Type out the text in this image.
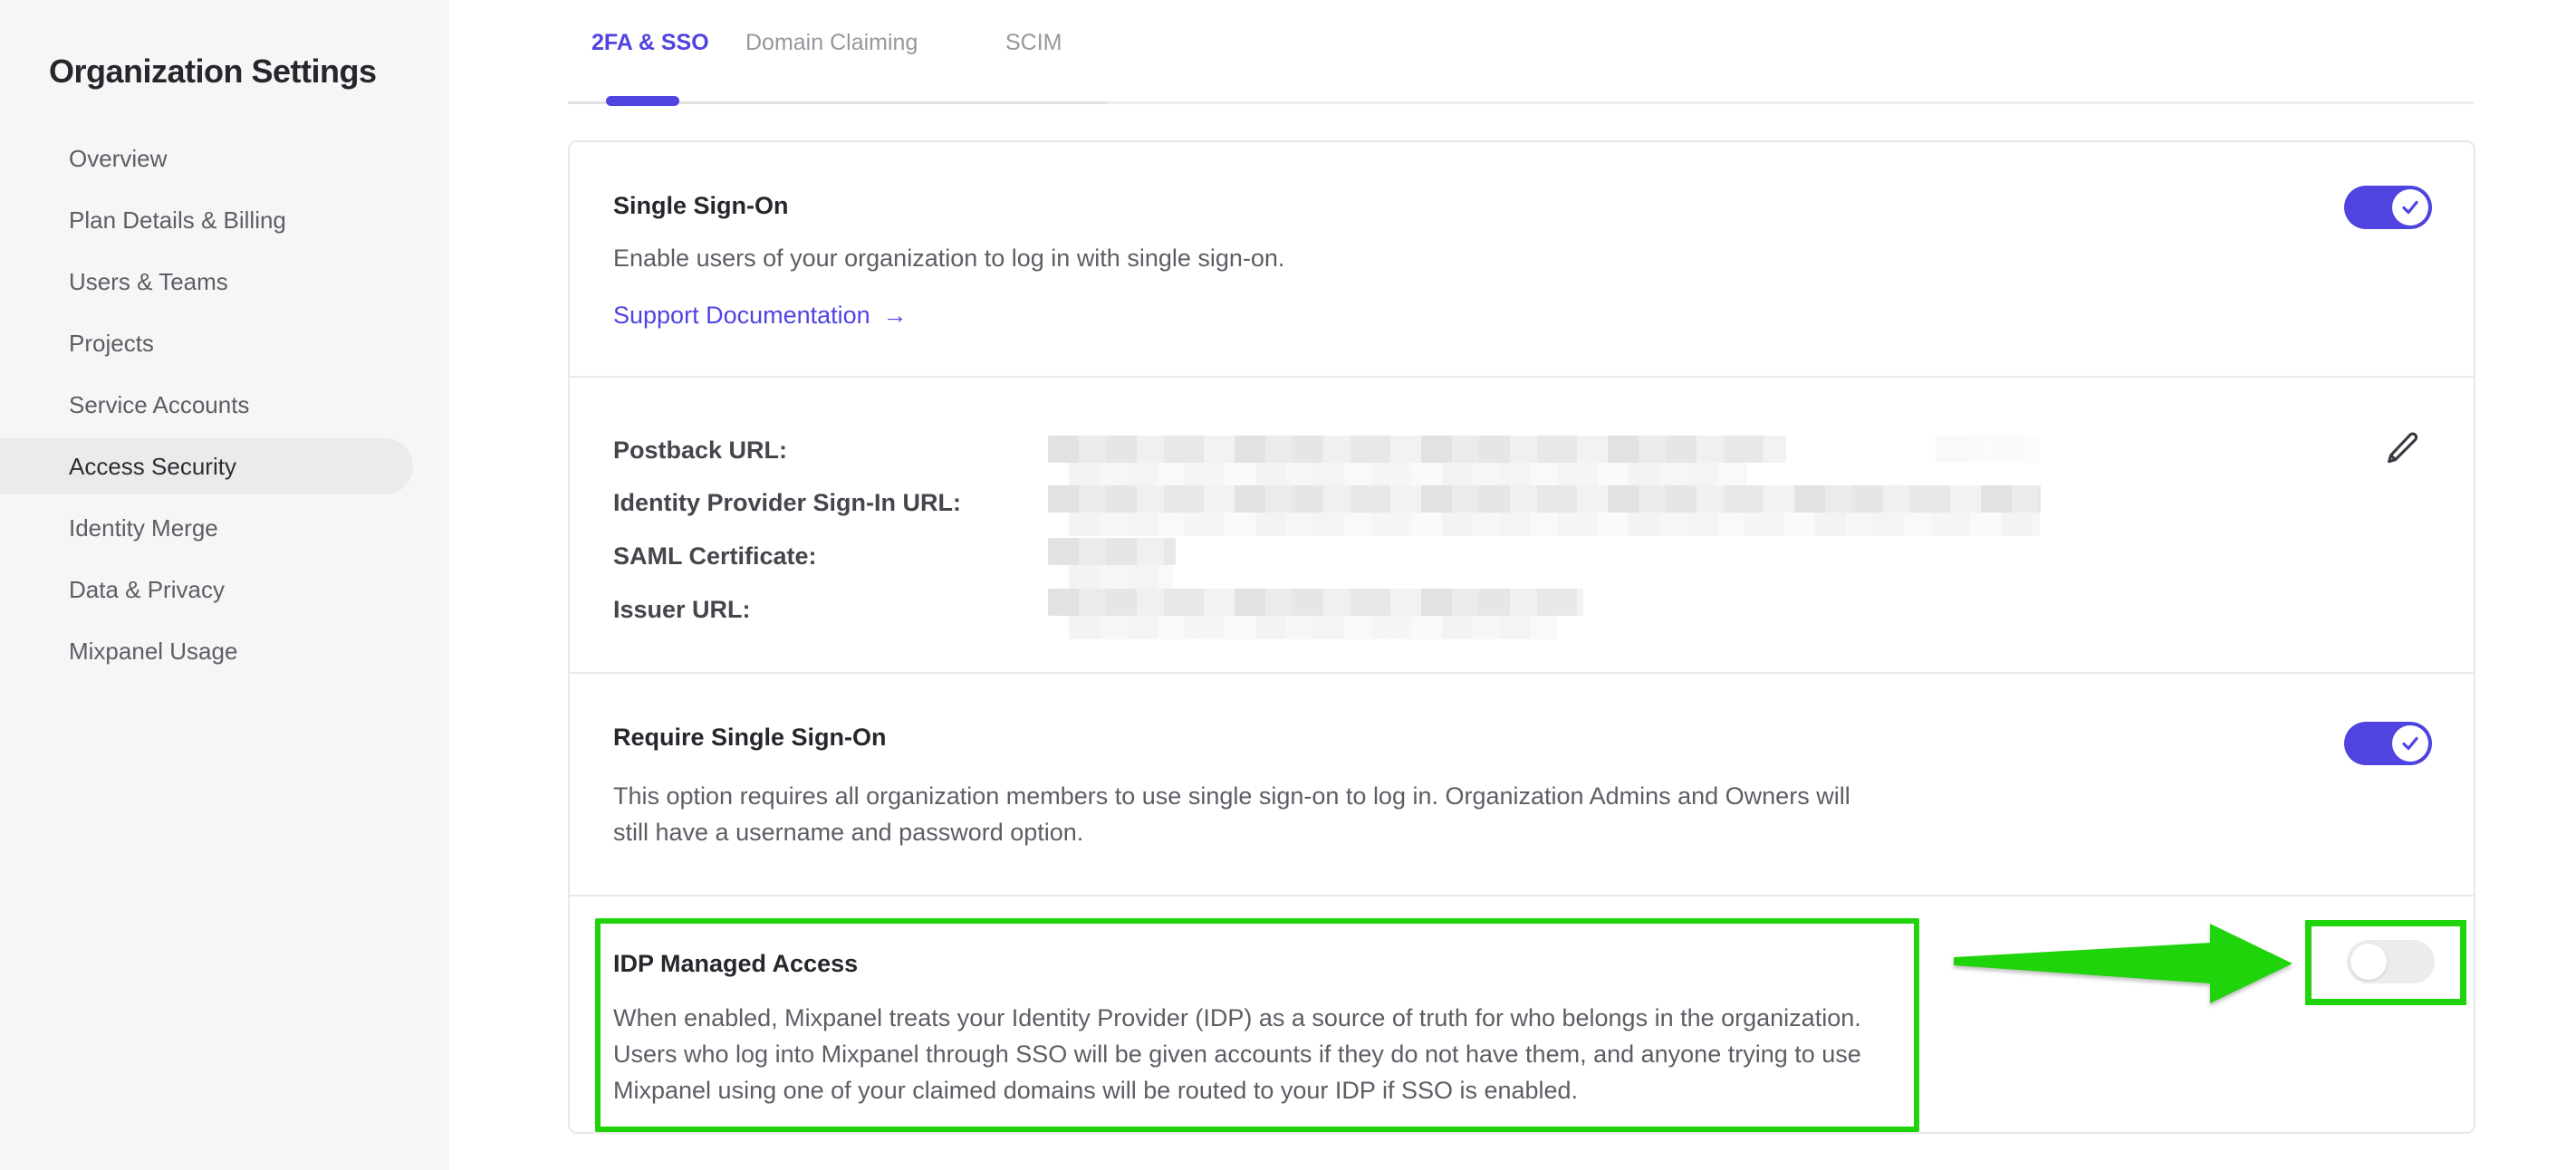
Organization Settings
Overview
Plan Details & Billing
Users & Teams
Projects
Service Accounts
Access Security
Identity Merge
Data & Privacy
Mixpanel Usage
2FA & SSO Domain Claiming	SCIM
Single Sign-On
Enable users of your organization to log in with single sign-on.
Support Documentation →
Postback URL:
Identity Provider Sign-In URL:
SAML Certificate:
Issuer URL:
Require Single Sign-On
This option requires all organization members to use single sign-on to log in. Organization Admins and Owners will
still have a username and password option.
IDP Managed Access
When enabled, Mixpanel treats your Identity Provider (IDP) as a source of truth for who belongs in the organization.
Users who log into Mixpanel through SSO will be given accounts if they do not have them, and anyone trying to use
Mixpanel using one of your claimed domains will be routed to your IDP if SSO is enabled.
